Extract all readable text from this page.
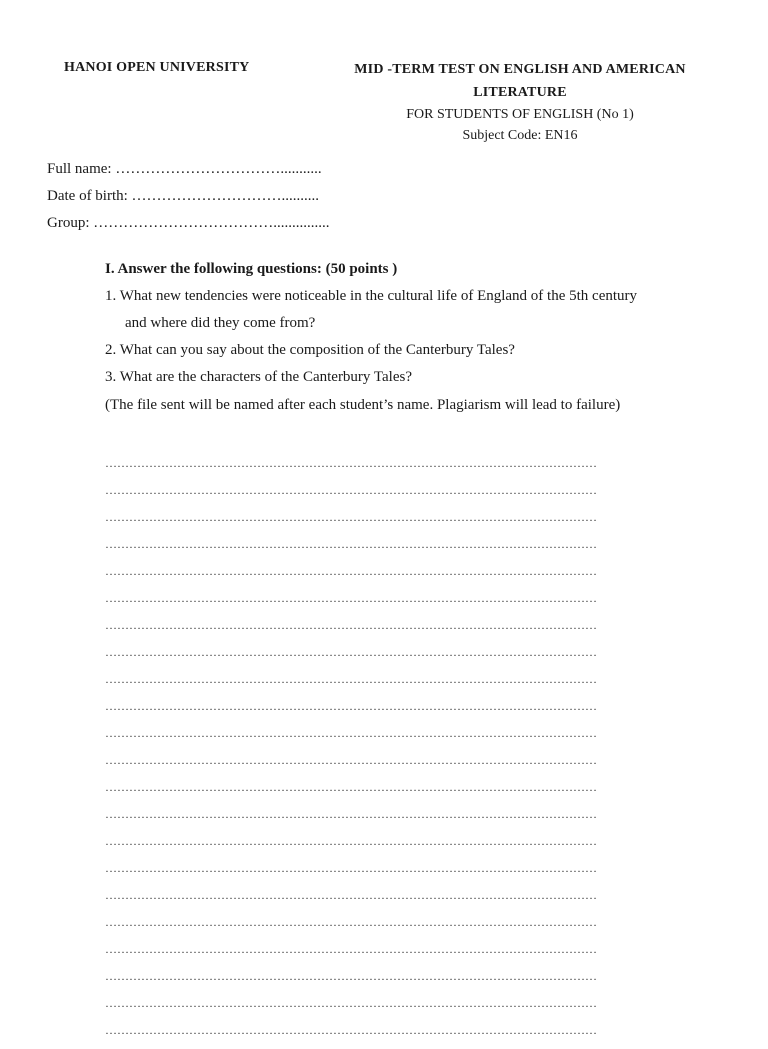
HANOI OPEN UNIVERSITY	MID -TERM TEST ON ENGLISH AND AMERICAN
LITERATURE
FOR STUDENTS OF ENGLISH (No 1)
Subject Code: EN16
Full name: ……………………………...........
Date of birth: …………………………..........
Group: ………………………………...............
I. Answer the following questions: (50 points )
1. What new tendencies were noticeable in the cultural life of England of the 5th century
and where did they come from?
2. What can you say about the composition of the Canterbury Tales?
3. What are the characters of the Canterbury Tales?
(The file sent will be named after each student’s name. Plagiarism will lead to failure)
……………………………………………………………………………………………………………
……………………………………………………………………………………………………………
……………………………………………………………………………………………………………
……………………………………………………………………………………………………………
……………………………………………………………………………………………………………
……………………………………………………………………………………………………………
……………………………………………………………………………………………………………
……………………………………………………………………………………………………………
……………………………………………………………………………………………………………
……………………………………………………………………………………………………………
……………………………………………………………………………………………………………
……………………………………………………………………………………………………………
……………………………………………………………………………………………………………
……………………………………………………………………………………………………………
……………………………………………………………………………………………………………
……………………………………………………………………………………………………………
……………………………………………………………………………………………………………
……………………………………………………………………………………………………………
……………………………………………………………………………………………………………
……………………………………………………………………………………………………………
……………………………………………………………………………………………………………
……………………………………………………………………………………………………………
